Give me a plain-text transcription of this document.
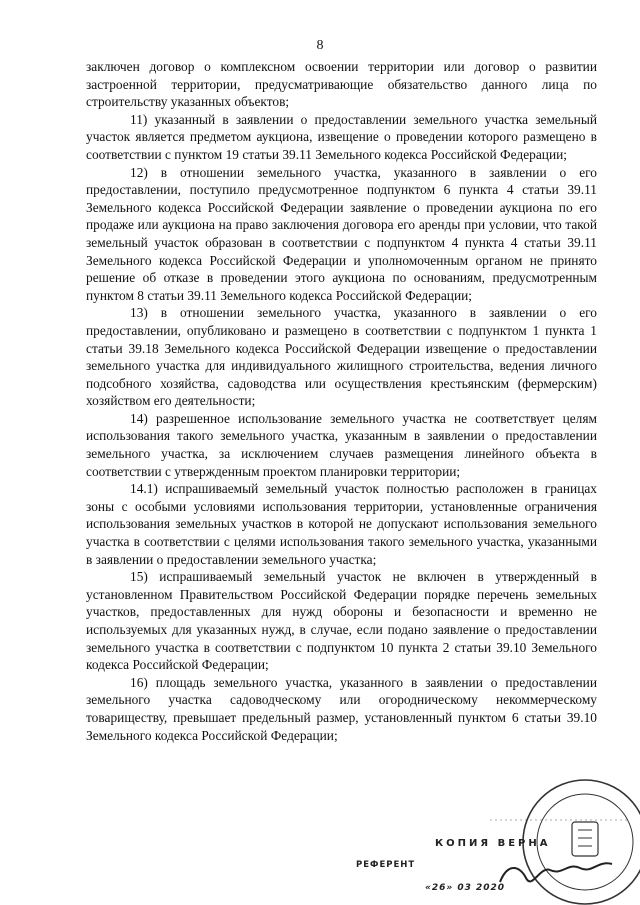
8

заключен договор о комплексном освоении территории или договор о развитии застроенной территории, предусматривающие обязательство данного лица по строительству указанных объектов;

11) указанный в заявлении о предоставлении земельного участка земельный участок является предметом аукциона, извещение о проведении которого размещено в соответствии с пунктом 19 статьи 39.11 Земельного кодекса Российской Федерации;

12) в отношении земельного участка, указанного в заявлении о его предоставлении, поступило предусмотренное подпунктом 6 пункта 4 статьи 39.11 Земельного кодекса Российской Федерации заявление о проведении аукциона по его продаже или аукциона на право заключения договора его аренды при условии, что такой земельный участок образован в соответствии с подпунктом 4 пункта 4 статьи 39.11 Земельного кодекса Российской Федерации и уполномоченным органом не принято решение об отказе в проведении этого аукциона по основаниям, предусмотренным пунктом 8 статьи 39.11 Земельного кодекса Российской Федерации;

13) в отношении земельного участка, указанного в заявлении о его предоставлении, опубликовано и размещено в соответствии с подпунктом 1 пункта 1 статьи 39.18 Земельного кодекса Российской Федерации извещение о предоставлении земельного участка для индивидуального жилищного строительства, ведения личного подсобного хозяйства, садоводства или осуществления крестьянским (фермерским) хозяйством его деятельности;

14) разрешенное использование земельного участка не соответствует целям использования такого земельного участка, указанным в заявлении о предоставлении земельного участка, за исключением случаев размещения линейного объекта в соответствии с утвержденным проектом планировки территории;

14.1) испрашиваемый земельный участок полностью расположен в границах зоны с особыми условиями использования территории, установленные ограничения использования земельных участков в которой не допускают использования земельного участка в соответствии с целями использования такого земельного участка, указанными в заявлении о предоставлении земельного участка;

15) испрашиваемый земельный участок не включен в утвержденный в установленном Правительством Российской Федерации порядке перечень земельных участков, предоставленных для нужд обороны и безопасности и временно не используемых для указанных нужд, в случае, если подано заявление о предоставлении земельного участка в соответствии с подпунктом 10 пункта 2 статьи 39.10 Земельного кодекса Российской Федерации;

16) площадь земельного участка, указанного в заявлении о предоставлении земельного участка садоводческому или огородническому некоммерческому товариществу, превышает предельный размер, установленный пунктом 6 статьи 39.10 Земельного кодекса Российской Федерации;

КОПИЯ ВЕРНА
РЕФЕРЕНТ
«26» 03 2020
